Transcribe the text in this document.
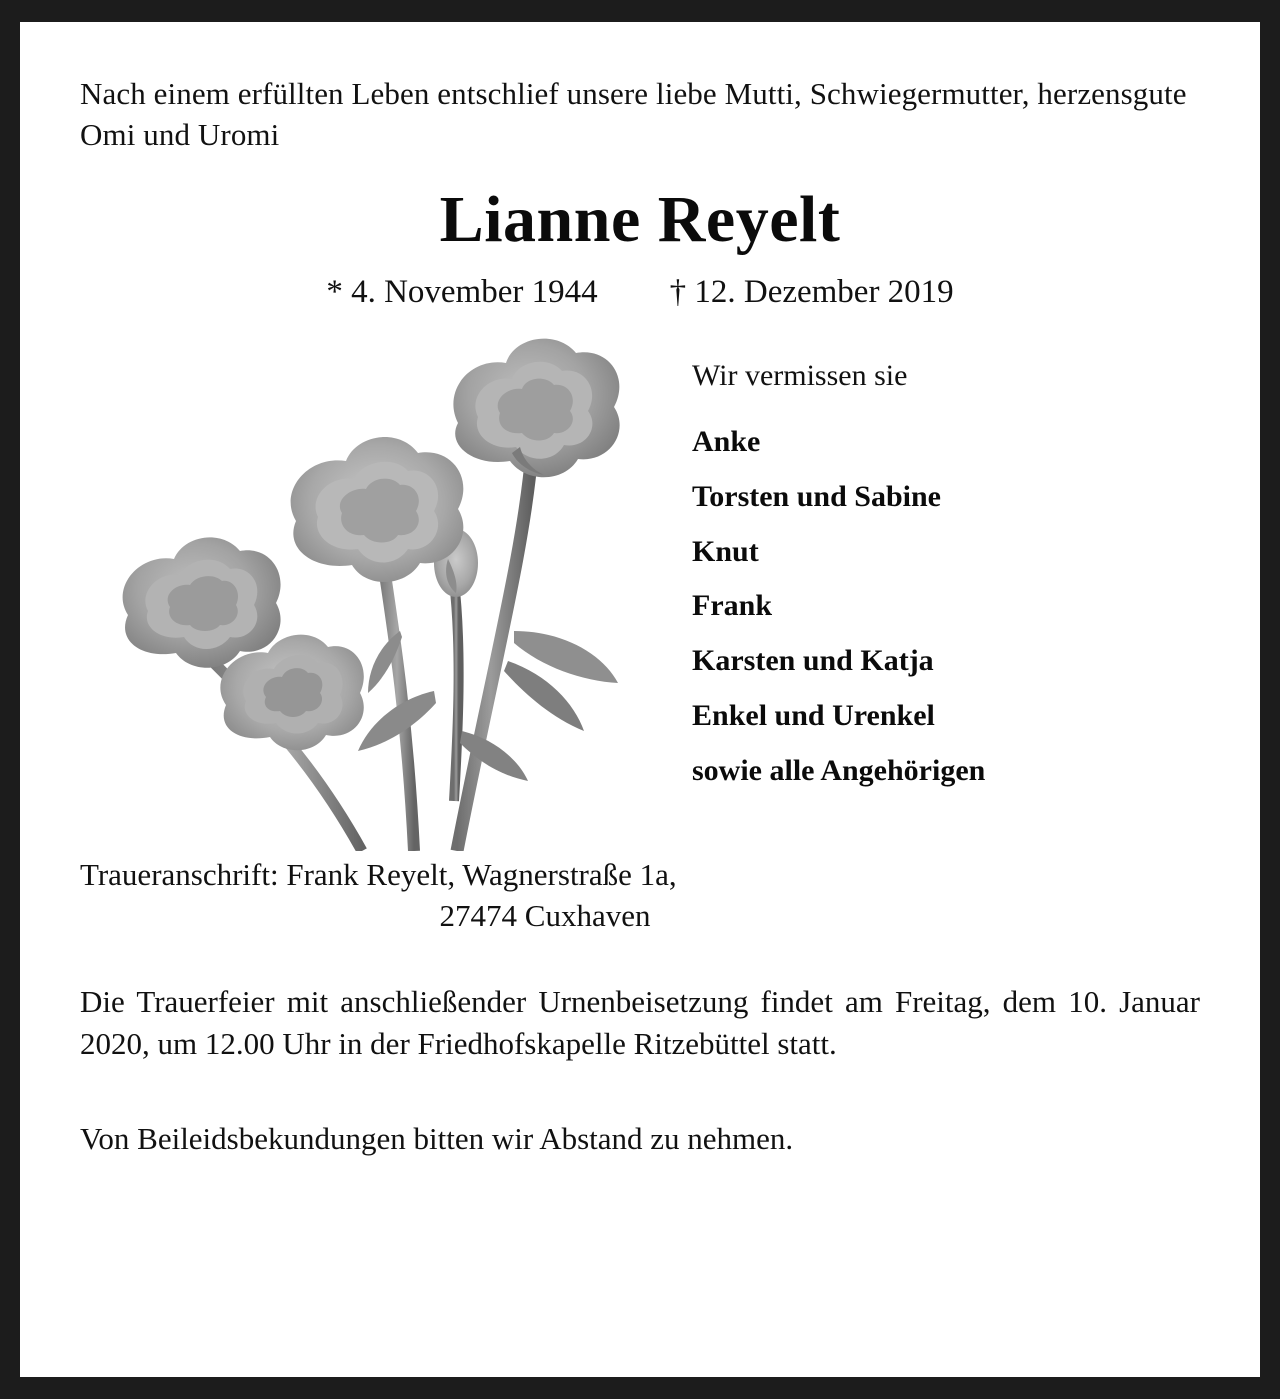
Nach einem erfüllten Leben entschlief unsere liebe Mutti, Schwiegermutter, herzensgute Omi und Uromi
Lianne Reyelt
* 4. November 1944 † 12. Dezember 2019
Wir vermissen sie
Anke
Torsten und Sabine
Knut
Frank
Karsten und Katja
Enkel und Urenkel
sowie alle Angehörigen
Traueranschrift: Frank Reyelt, Wagnerstraße 1a,
27474 Cuxhaven
Die Trauerfeier mit anschließender Urnenbeisetzung findet am Freitag, dem 10. Januar 2020, um 12.00 Uhr in der Friedhofskapelle Ritzebüttel statt.
Von Beileidsbekundungen bitten wir Abstand zu nehmen.
